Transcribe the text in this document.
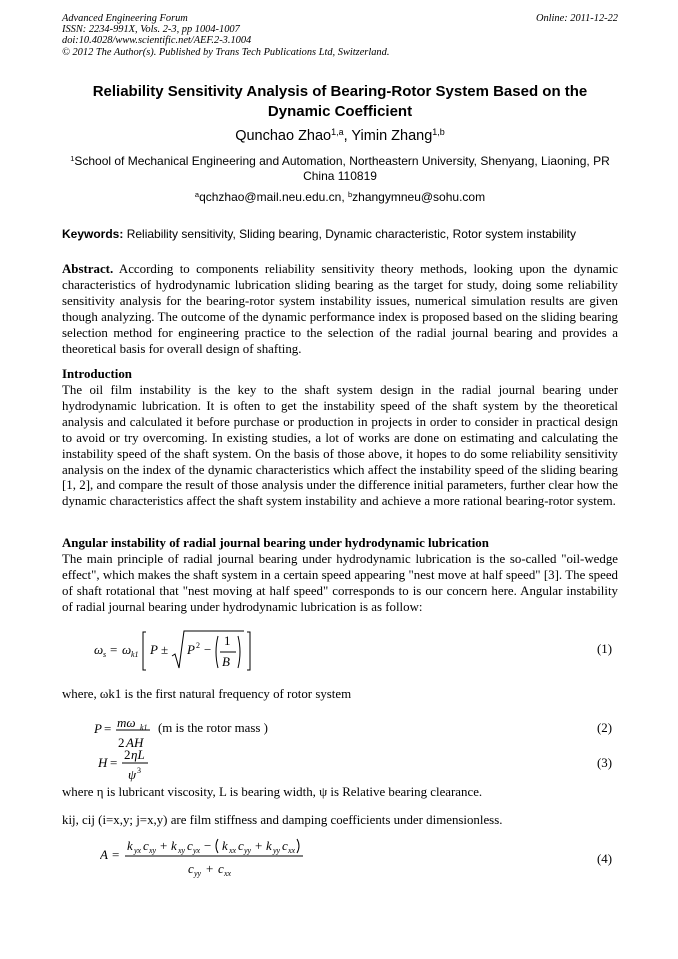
Advanced Engineering Forum	Online: 2011-12-22
ISSN: 2234-991X, Vols. 2-3, pp 1004-1007
doi:10.4028/www.scientific.net/AEF.2-3.1004
© 2012 The Author(s). Published by Trans Tech Publications Ltd, Switzerland.
Reliability Sensitivity Analysis of Bearing-Rotor System Based on the Dynamic Coefficient
Qunchao Zhao$^{1,a}$, Yimin Zhang$^{1,b}$
$^1$School of Mechanical Engineering and Automation, Northeastern University, Shenyang, Liaoning, PR China 110819
$^a$qchzhao@mail.neu.edu.cn, $^b$zhangymneu@sohu.com
Keywords: Reliability sensitivity, Sliding bearing, Dynamic characteristic, Rotor system instability
Abstract. According to components reliability sensitivity theory methods, looking upon the dynamic characteristics of hydrodynamic lubrication sliding bearing as the target for study, doing some reliability sensitivity analysis for the bearing-rotor system instability issues, numerical simulation results are given though analyzing. The outcome of the dynamic performance index is proposed based on the sliding bearing selection method for engineering practice to the selection of the radial journal bearing and provides a theoretical basis for overall design of shafting.
Introduction
The oil film instability is the key to the shaft system design in the radial journal bearing under hydrodynamic lubrication. It is often to get the instability speed of the shaft system by the theoretical analysis and calculated it before purchase or production in projects in order to consider in practical design to avoid or try overcoming. In existing studies, a lot of works are done on estimating and calculating the instability speed of the shaft system. On the basis of those above, it hopes to do some reliability sensitivity analysis on the index of the dynamic characteristics which affect the instability speed of the sliding bearing [1, 2], and compare the result of those analysis under the difference initial parameters, further clear how the dynamic characteristics affect the shaft system instability and achieve a more rational bearing-rotor system.
Angular instability of radial journal bearing under hydrodynamic lubrication
The main principle of radial journal bearing under hydrodynamic lubrication is the so-called "oil-wedge effect", which makes the shaft system in a certain speed appearing "nest move at half speed" [3]. The speed of shaft rotational that "nest moving at half speed" corresponds to is our concern here. Angular instability of radial journal bearing under hydrodynamic lubrication is as follow:
ω s = ω k1 P ± P 2 −
1
B
(1)
where, ωk1 is the first natural frequency of rotor system
P = mω k1
2 AH
(m is the rotor mass )	(2)
H =
2 ηL
ψ 3
(3)
where η is lubricant viscosity, L is bearing width, ψ is Relative bearing clearance.
kij, cij (i=x,y; j=x,y) are film stiffness and damping coefficients under dimensionless.
A =
k yx c xy + k xy c yx − k xx c yy + k yy c xx
c yy + c xx
(4)
